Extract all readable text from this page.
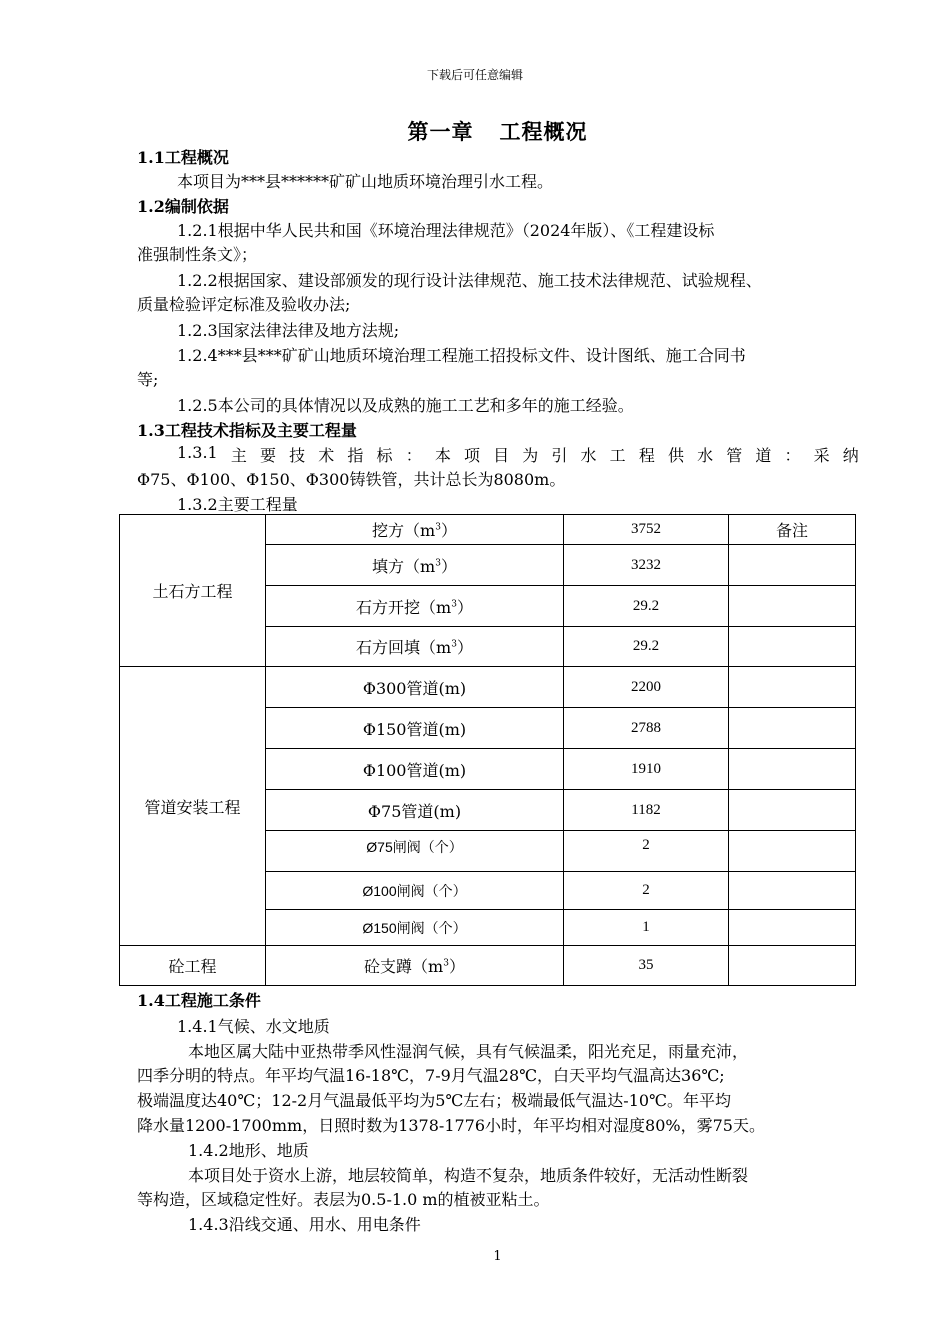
下载后可任意编辑
第一章 工程概况
1.1工程概况
本项目为***县******矿矿山地质环境治理引水工程。
1.2编制依据
1.2.1根据中华人民共和国《环境治理法律规范》（2024年版）、《工程建设标
准强制性条文》；
1.2.2根据国家、建设部颁发的现行设计法律规范、施工技术法律规范、试验规程、
质量检验评定标准及验收办法;
1.2.3国家法律法律及地方法规;
1.2.4***县***矿矿山地质环境治理工程施工招投标文件、设计图纸、施工合同书
等;
1.2.5本公司的具体情况以及成熟的施工工艺和多年的施工经验。
1.3工程技术指标及主要工程量
1.3.1 主 要 技 术 指 标 ： 本 项 目 为 引 水 工 程 供 水 管 道 ： 采 纳
Φ75、Φ100、Φ150、Φ300铸铁管，共计总长为8080m。
1.3.2主要工程量
土石方工程	挖方$(m^3)$	3752	备注
	填方$(m^3)$	3232	
	石方开挖$(m^3)$	29.2	
	石方回填$(m^3)$	29.2	
管道安装工程	Φ300管道(m)	2200	
	Φ150管道(m)	2788	
	Φ100管道(m)	1910	
	Φ75管道(m)	1182	
	Ø75闸阀（个）	2	
	Ø100闸阀（个）	2	
	Ø150闸阀（个）	1	
砼工程	砼支蹲$(m^3)$	35	
1.4工程施工条件
1.4.1气候、水文地质
本地区属大陆中亚热带季风性湿润气候，具有气候温柔，阳光充足，雨量充沛，
四季分明的特点。年平均气温16-18℃，7-9月气温28℃，白天平均气温高达36℃;
极端温度达40℃；12-2月气温最低平均为5℃左右；极端最低气温达-10℃。年平均
降水量1200-1700mm，日照时数为1378-1776小时，年平均相对湿度80%，雾75天。
1.4.2地形、地质
本项目处于资水上游，地层较简单，构造不复杂，地质条件较好，无活动性断裂
等构造，区域稳定性好。表层为0.5-1.0 m的植被亚粘土。
1.4.3沿线交通、用水、用电条件
1
